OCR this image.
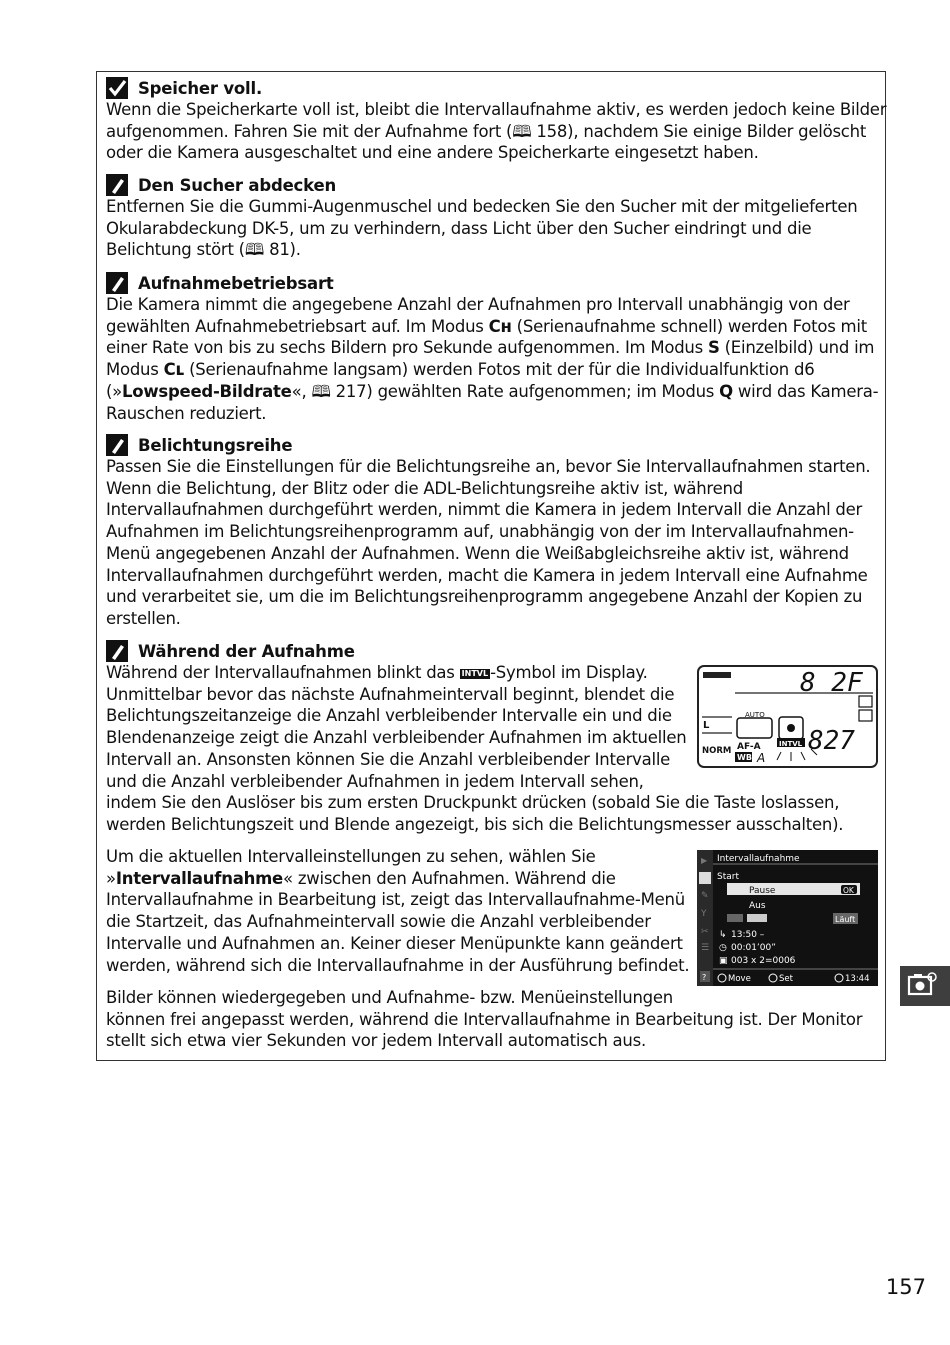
Speicher voll.

Wenn die Speicherkarte voll ist, bleibt die Intervallaufnahme aktiv, es werden jedoch keine Bilder

aufgenommen. Fahren Sie mit der Aufnahme fort (🕮 158), nachdem Sie einige Bilder gelöscht

oder die Kamera ausgeschaltet und eine andere Speicherkarte eingesetzt haben.

Den Sucher abdecken

Entfernen Sie die Gummi-Augenmuschel und bedecken Sie den Sucher mit der mitgelieferten

Okularabdeckung DK-5, um zu verhindern, dass Licht über den Sucher eindringt und die

Belichtung stört (🕮 81).

Aufnahmebetriebsart

Die Kamera nimmt die angegebene Anzahl der Aufnahmen pro Intervall unabhängig von der

gewählten Aufnahmebetriebsart auf. Im Modus Cʜ (Serienaufnahme schnell) werden Fotos mit

einer Rate von bis zu sechs Bildern pro Sekunde aufgenommen. Im Modus S (Einzelbild) und im

Modus Cʟ (Serienaufnahme langsam) werden Fotos mit der für die Individualfunktion d6

(»Lowspeed-Bildrate«, 🕮 217) gewählten Rate aufgenommen; im Modus Q wird das Kamera-

Rauschen reduziert.

Belichtungsreihe

Passen Sie die Einstellungen für die Belichtungsreihe an, bevor Sie Intervallaufnahmen starten.

Wenn die Belichtung, der Blitz oder die ADL-Belichtungsreihe aktiv ist, während

Intervallaufnahmen durchgeführt werden, nimmt die Kamera in jedem Intervall die Anzahl der

Aufnahmen im Belichtungsreihenprogramm auf, unabhängig von der im Intervallaufnahmen-

Menü angegebenen Anzahl der Aufnahmen. Wenn die Weißabgleichsreihe aktiv ist, während

Intervallaufnahmen durchgeführt werden, macht die Kamera in jedem Intervall eine Aufnahme

und verarbeitet sie, um die im Belichtungsreihenprogramm angegebene Anzahl der Kopien zu

erstellen.

Während der Aufnahme

Während der Intervallaufnahmen blinkt das INTVL -Symbol im Display.

Unmittelbar bevor das nächste Aufnahmeintervall beginnt, blendet die

Belichtungszeitanzeige die Anzahl verbleibender Intervalle ein und die

Blendenanzeige zeigt die Anzahl verbleibender Aufnahmen im aktuellen

Intervall an. Ansonsten können Sie die Anzahl verbleibender Intervalle

und die Anzahl verbleibender Aufnahmen in jedem Intervall sehen,

indem Sie den Auslöser bis zum ersten Druckpunkt drücken (sobald Sie die Taste loslassen,

werden Belichtungszeit und Blende angezeigt, bis sich die Belichtungsmesser ausschalten).

Um die aktuellen Intervalleinstellungen zu sehen, wählen Sie

»Intervallaufnahme« zwischen den Aufnahmen. Während die

Intervallaufnahme in Bearbeitung ist, zeigt das Intervallaufnahme-Menü

die Startzeit, das Aufnahmeintervall sowie die Anzahl verbleibender

Intervalle und Aufnahmen an. Keiner dieser Menüpunkte kann geändert

werden, während sich die Intervallaufnahme in der Ausführung befindet.

Bilder können wiedergegeben und Aufnahme- bzw. Menüeinstellungen

können frei angepasst werden, während die Intervallaufnahme in Bearbeitung ist. Der Monitor

stellt sich etwa vier Sekunden vor jedem Intervall automatisch aus.

8 2F
L
NORM
AUTO
AF-A
WB A
INTVL 827
▶
✎
Y
✂
☰
?
Intervallaufnahme
Start
Pause	OK
Aus
Läuft
↳ 13:50 –
◷ 00:01’00”
▣ 003 x 2=0006
Move	Set	13:44
157
